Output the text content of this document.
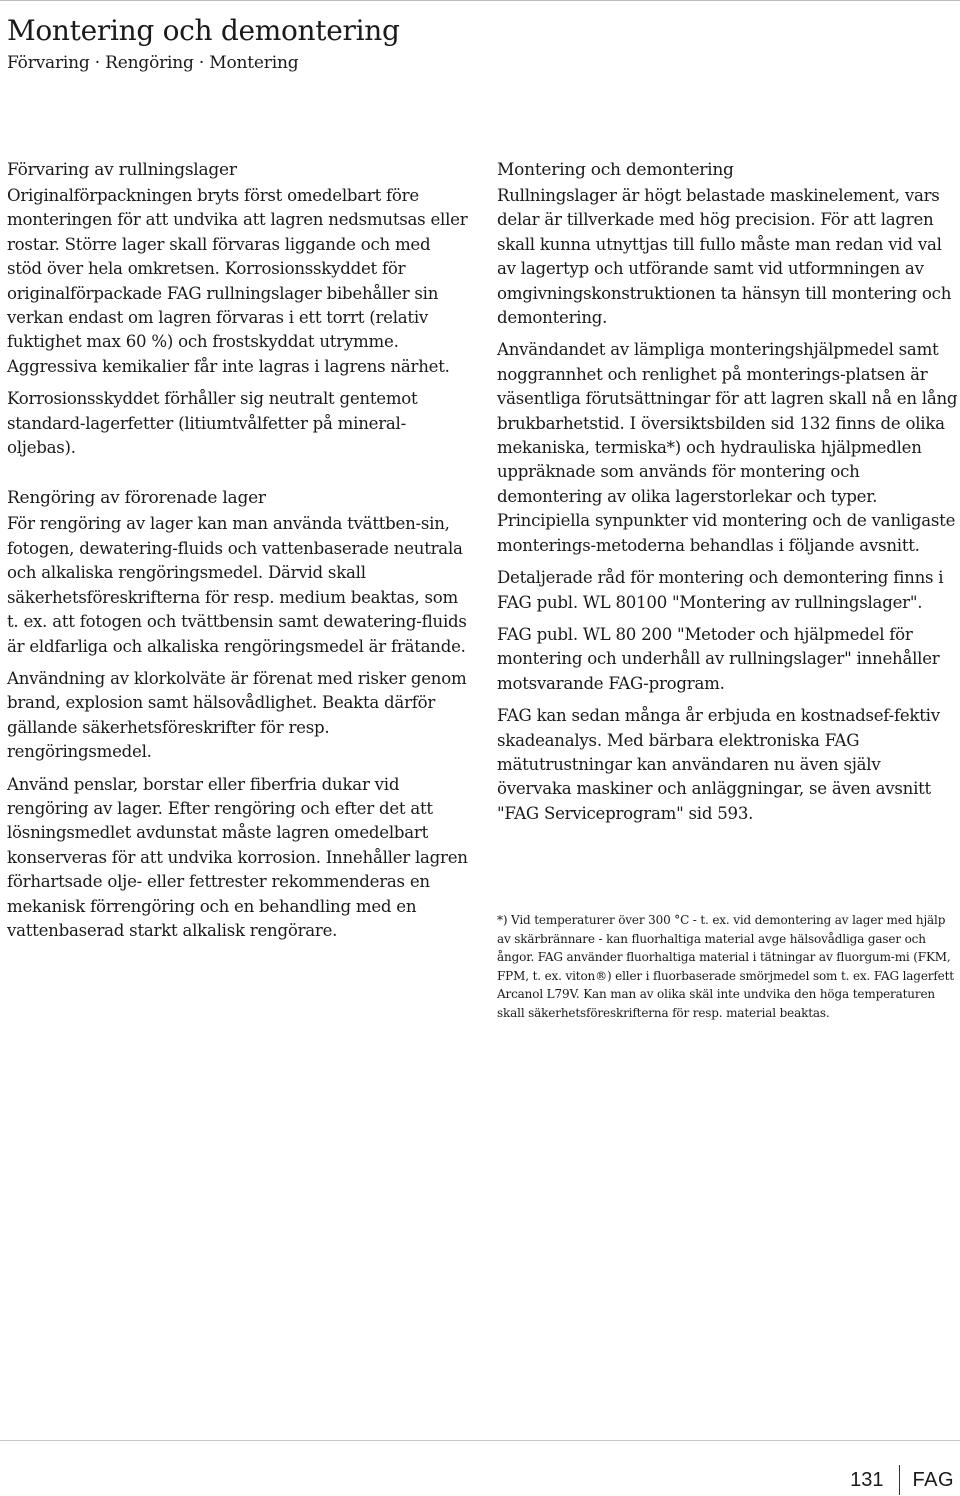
Montering och demontering
Förvaring · Rengöring · Montering
Förvaring av rullningslager

Originalförpackningen bryts först omedelbart före monteringen för att undvika att lagren nedsmutsas eller rostar. Större lager skall förvaras liggande och med stöd över hela omkretsen. Korrosionsskyddet för originalförpackade FAG rullningslager bibehåller sin verkan endast om lagren förvaras i ett torrt (relativ fuktighet max 60 %) och frostskyddat utrymme. Aggressiva kemikalier får inte lagras i lagrens närhet.

Korrosionsskyddet förhåller sig neutralt gentemot standard-lagerfetter (litiumtvålfetter på mineral-oljebas).

Rengöring av förorenade lager

För rengöring av lager kan man använda tvättben-sin, fotogen, dewatering-fluids och vattenbaserade neutrala och alkaliska rengöringsmedel. Därvid skall säkerhetsföreskrifterna för resp. medium beaktas, som t. ex. att fotogen och tvättbensin samt dewatering-fluids är eldfarliga och alkaliska rengöringsmedel är frätande.

Användning av klorkolväte är förenat med risker genom brand, explosion samt hälsovådlighet. Beakta därför gällande säkerhetsföreskrifter för resp. rengöringsmedel.

Använd penslar, borstar eller fiberfria dukar vid rengöring av lager. Efter rengöring och efter det att lösningsmedlet avdunstat måste lagren omedelbart konserveras för att undvika korrosion. Innehåller lagren förhartsade olje- eller fettrester rekommenderas en mekanisk förrengöring och en behandling med en vattenbaserad starkt alkalisk rengörare.

Montering och demontering

Rullningslager är högt belastade maskinelement, vars delar är tillverkade med hög precision. För att lagren skall kunna utnyttjas till fullo måste man redan vid val av lagertyp och utförande samt vid utformningen av omgivningskonstruktionen ta hänsyn till montering och demontering.

Användandet av lämpliga monteringshjälpmedel samt noggrannhet och renlighet på monterings-platsen är väsentliga förutsättningar för att lagren skall nå en lång brukbarhetstid. I översiktsbilden sid 132 finns de olika mekaniska, termiska*) och hydrauliska hjälpmedlen uppräknade som används för montering och demontering av olika lagerstorlekar och typer. Principiella synpunkter vid montering och de vanligaste monterings-metoderna behandlas i följande avsnitt.

Detaljerade råd för montering och demontering finns i FAG publ. WL 80100 "Montering av rullningslager".

FAG publ. WL 80 200 "Metoder och hjälpmedel för montering och underhåll av rullningslager" innehåller motsvarande FAG-program.

FAG kan sedan många år erbjuda en kostnadsef-fektiv skadeanalys. Med bärbara elektroniska FAG mätutrustningar kan användaren nu även själv övervaka maskiner och anläggningar, se även avsnitt "FAG Serviceprogram" sid 593.

*) Vid temperaturer över 300 °C - t. ex. vid demontering av lager med hjälp av skärbrännare - kan fluorhaltiga material avge hälsovådliga gaser och ångor. FAG använder fluorhaltiga material i tätningar av fluorgum-mi (FKM, FPM, t. ex. viton®) eller i fluorbaserade smörjmedel som t. ex. FAG lagerfett Arcanol L79V. Kan man av olika skäl inte undvika den höga temperaturen skall säkerhetsföreskrifterna för resp. material beaktas.

131	FAG
